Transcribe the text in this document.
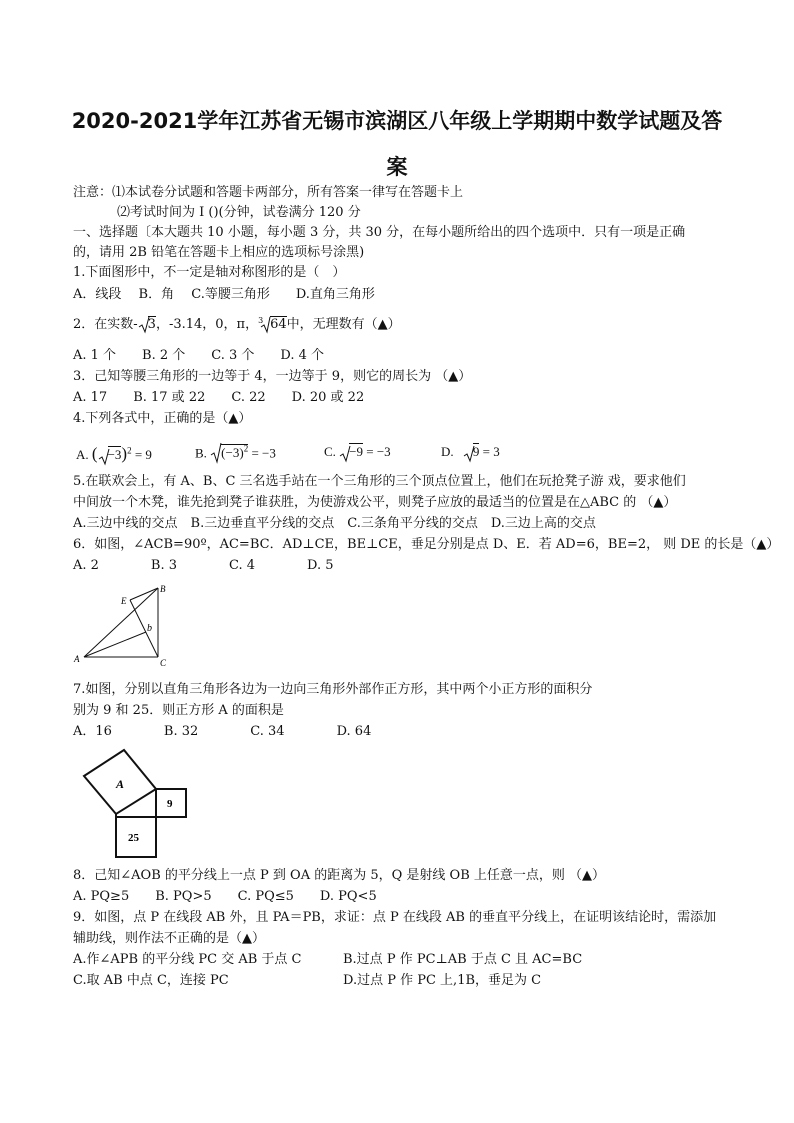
2020-2021学年江苏省无锡市滨湖区八年级上学期期中数学试题及答
案
注意：⑴本试卷分试题和答题卡两部分，所有答案一律写在答题卡上
⑵考试时间为 I ()(分钟，试卷满分 120 分
一、选择题〔本大题共 10 小题，每小题 3 分，共 30 分，在每小题所给出的四个选项中．只有一项是正确
的，请用 2B 铅笔在答题卡上相应的选项标号涂黑)
1.下面图形中，不一定是轴对称图形的是（　）
A．线段　 B．角　 C.等腰三角形　　D.直角三角形
2．在实数- 3，-3.14，0，π， 3 64中，无理数有（▲）
A. 1 个　　B. 2 个　　C. 3 个　　D. 4 个
3．己知等腰三角形的一边等于 4，一边等于 9，则它的周长为 （▲）
A. 17　　B. 17 或 22　　C. 22　　D. 20 或 22
4.下列各式中，正确的是（▲）
A. ( −3)$^2$ = 9	B. $(-3)^2 = -3$	C. −9 = −3	D. 9 = 3
5.在联欢会上，有 A、B、C 三名选手站在一个三角形的三个顶点位置上，他们在玩抢凳子游 戏，要求他们
中间放一个木凳，谁先抢到凳子谁获胜，为使游戏公平，则凳子应放的最适当的位置是在△ABC 的 （▲）
A.三边中线的交点　B.三边垂直平分线的交点　C.三条角平分线的交点　D.三边上高的交点
6．如图，∠ACB=90º，AC=BC．AD⊥CE，BE⊥CE，垂足分别是点 D、E．若 AD=6，BE=2， 则 DE 的长是（▲）
A. 2　　　　B. 3　　　　C. 4　　　　D. 5
A	C
B
E
b
7.如图，分别以直角三角形各边为一边向三角形外部作正方形，其中两个小正方形的面积分
别为 9 和 25．则正方形 A 的面积是
A．16　　　　B. 32　　　　C. 34　　　　D. 64
A
9
25
8．己知∠AOB 的平分线上一点 P 到 OA 的距离为 5，Q 是射线 OB 上任意一点，则 （▲）
A. PQ≥5　　B. PQ>5　　C. PQ≤5　　D. PQ<5
9．如图，点 P 在线段 AB 外，且 PA＝PB，求证：点 P 在线段 AB 的垂直平分线上，在证明该结论时，需添加
辅助线，则作法不正确的是（▲）
A.作∠APB 的平分线 PC 交 AB 于点 C	B.过点 P 作 PC⊥AB 于点 C 且 AC=BC
C.取 AB 中点 C，连接 PC	D.过点 P 作 PC 上,1B，垂足为 C
